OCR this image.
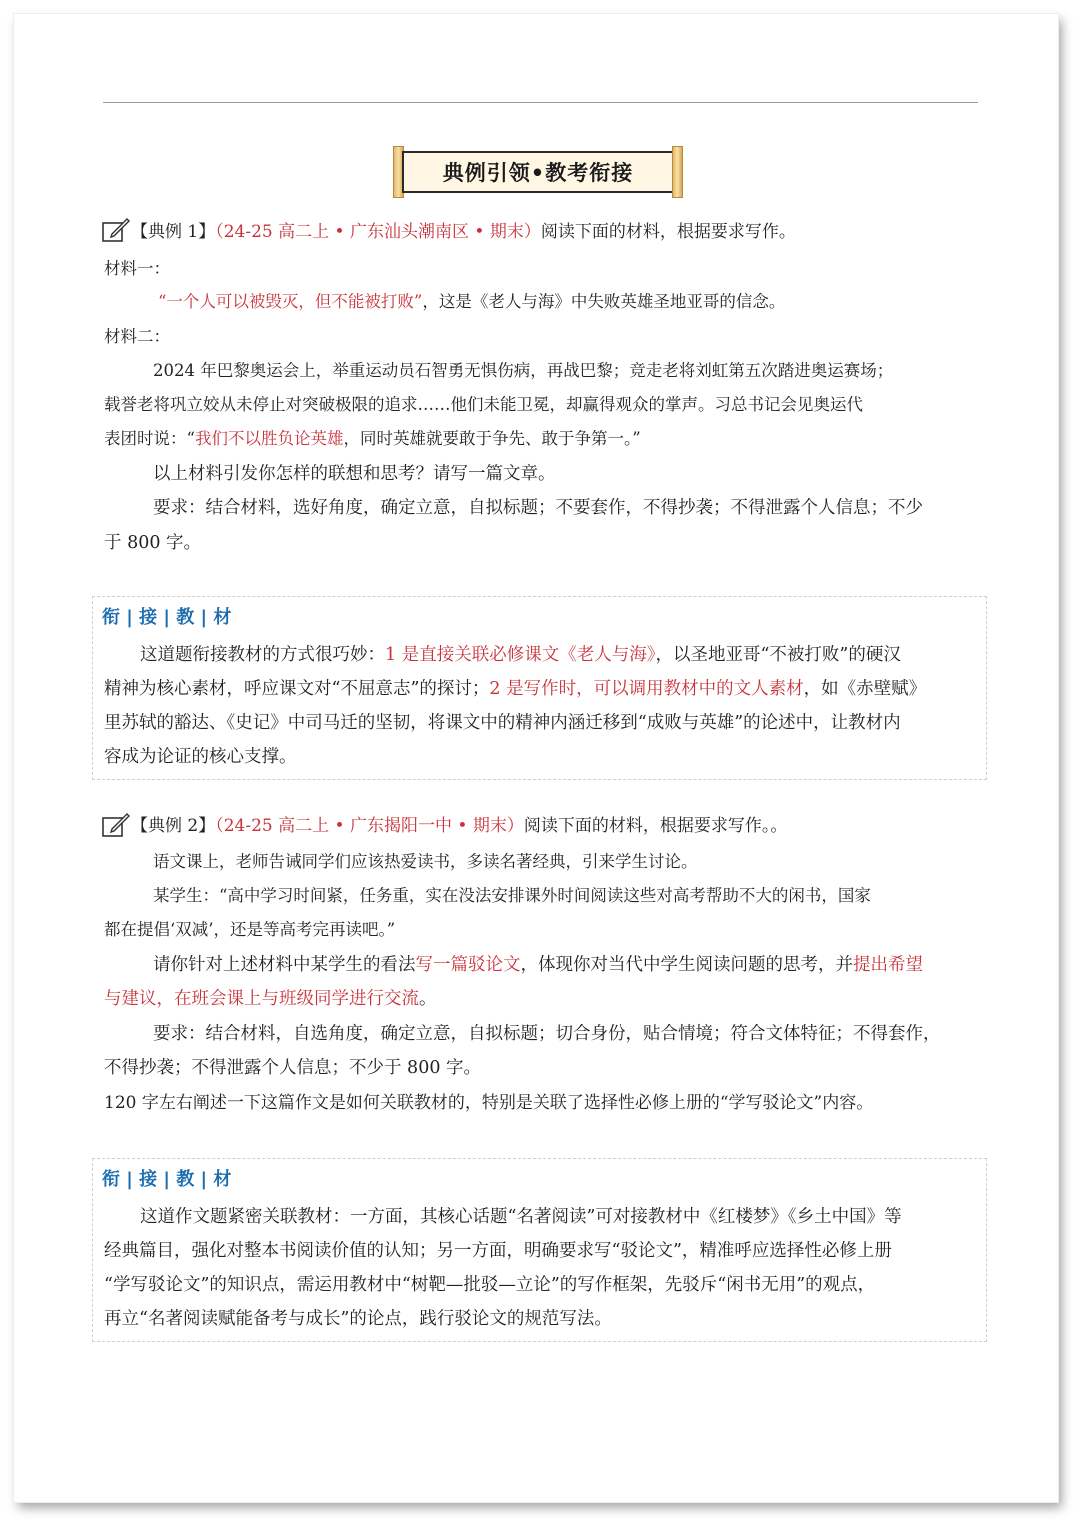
典例引领•教考衔接
【典例 1】（24-25 高二上 • 广东汕头潮南区 • 期末）阅读下面的材料，根据要求写作。
材料一：
“一个人可以被毁灭，但不能被打败”，这是《老人与海》中失败英雄圣地亚哥的信念。
材料二：
2024 年巴黎奥运会上，举重运动员石智勇无惧伤病，再战巴黎；竞走老将刘虹第五次踏进奥运赛场；
载誉老将巩立姣从未停止对突破极限的追求……他们未能卫冕，却赢得观众的掌声。习总书记会见奥运代
表团时说：“我们不以胜负论英雄，同时英雄就要敢于争先、敢于争第一。”
以上材料引发你怎样的联想和思考？请写一篇文章。
要求：结合材料，选好角度，确定立意，自拟标题；不要套作，不得抄袭；不得泄露个人信息；不少
于 800 字。
衔 | 接 | 教 | 材
这道题衔接教材的方式很巧妙：1 是直接关联必修课文《老人与海》，以圣地亚哥“不被打败”的硬汉
精神为核心素材，呼应课文对“不屈意志”的探讨；2 是写作时，可以调用教材中的文人素材，如《赤壁赋》
里苏轼的豁达、《史记》中司马迁的坚韧，将课文中的精神内涵迁移到“成败与英雄”的论述中，让教材内
容成为论证的核心支撑。
【典例 2】（24-25 高二上 • 广东揭阳一中 • 期末）阅读下面的材料，根据要求写作。。
语文课上，老师告诫同学们应该热爱读书，多读名著经典，引来学生讨论。
某学生：“高中学习时间紧，任务重，实在没法安排课外时间阅读这些对高考帮助不大的闲书，国家
都在提倡‘双减’，还是等高考完再读吧。”
请你针对上述材料中某学生的看法写一篇驳论文，体现你对当代中学生阅读问题的思考，并提出希望
与建议，在班会课上与班级同学进行交流。
要求：结合材料，自选角度，确定立意，自拟标题；切合身份，贴合情境；符合文体特征；不得套作，
不得抄袭；不得泄露个人信息；不少于 800 字。
120 字左右阐述一下这篇作文是如何关联教材的，特别是关联了选择性必修上册的“学写驳论文”内容。
衔 | 接 | 教 | 材
这道作文题紧密关联教材：一方面，其核心话题“名著阅读”可对接教材中《红楼梦》《乡土中国》等
经典篇目，强化对整本书阅读价值的认知；另一方面，明确要求写“驳论文”，精准呼应选择性必修上册
“学写驳论文”的知识点，需运用教材中“树靶—批驳—立论”的写作框架，先驳斥“闲书无用”的观点，
再立“名著阅读赋能备考与成长”的论点，践行驳论文的规范写法。
